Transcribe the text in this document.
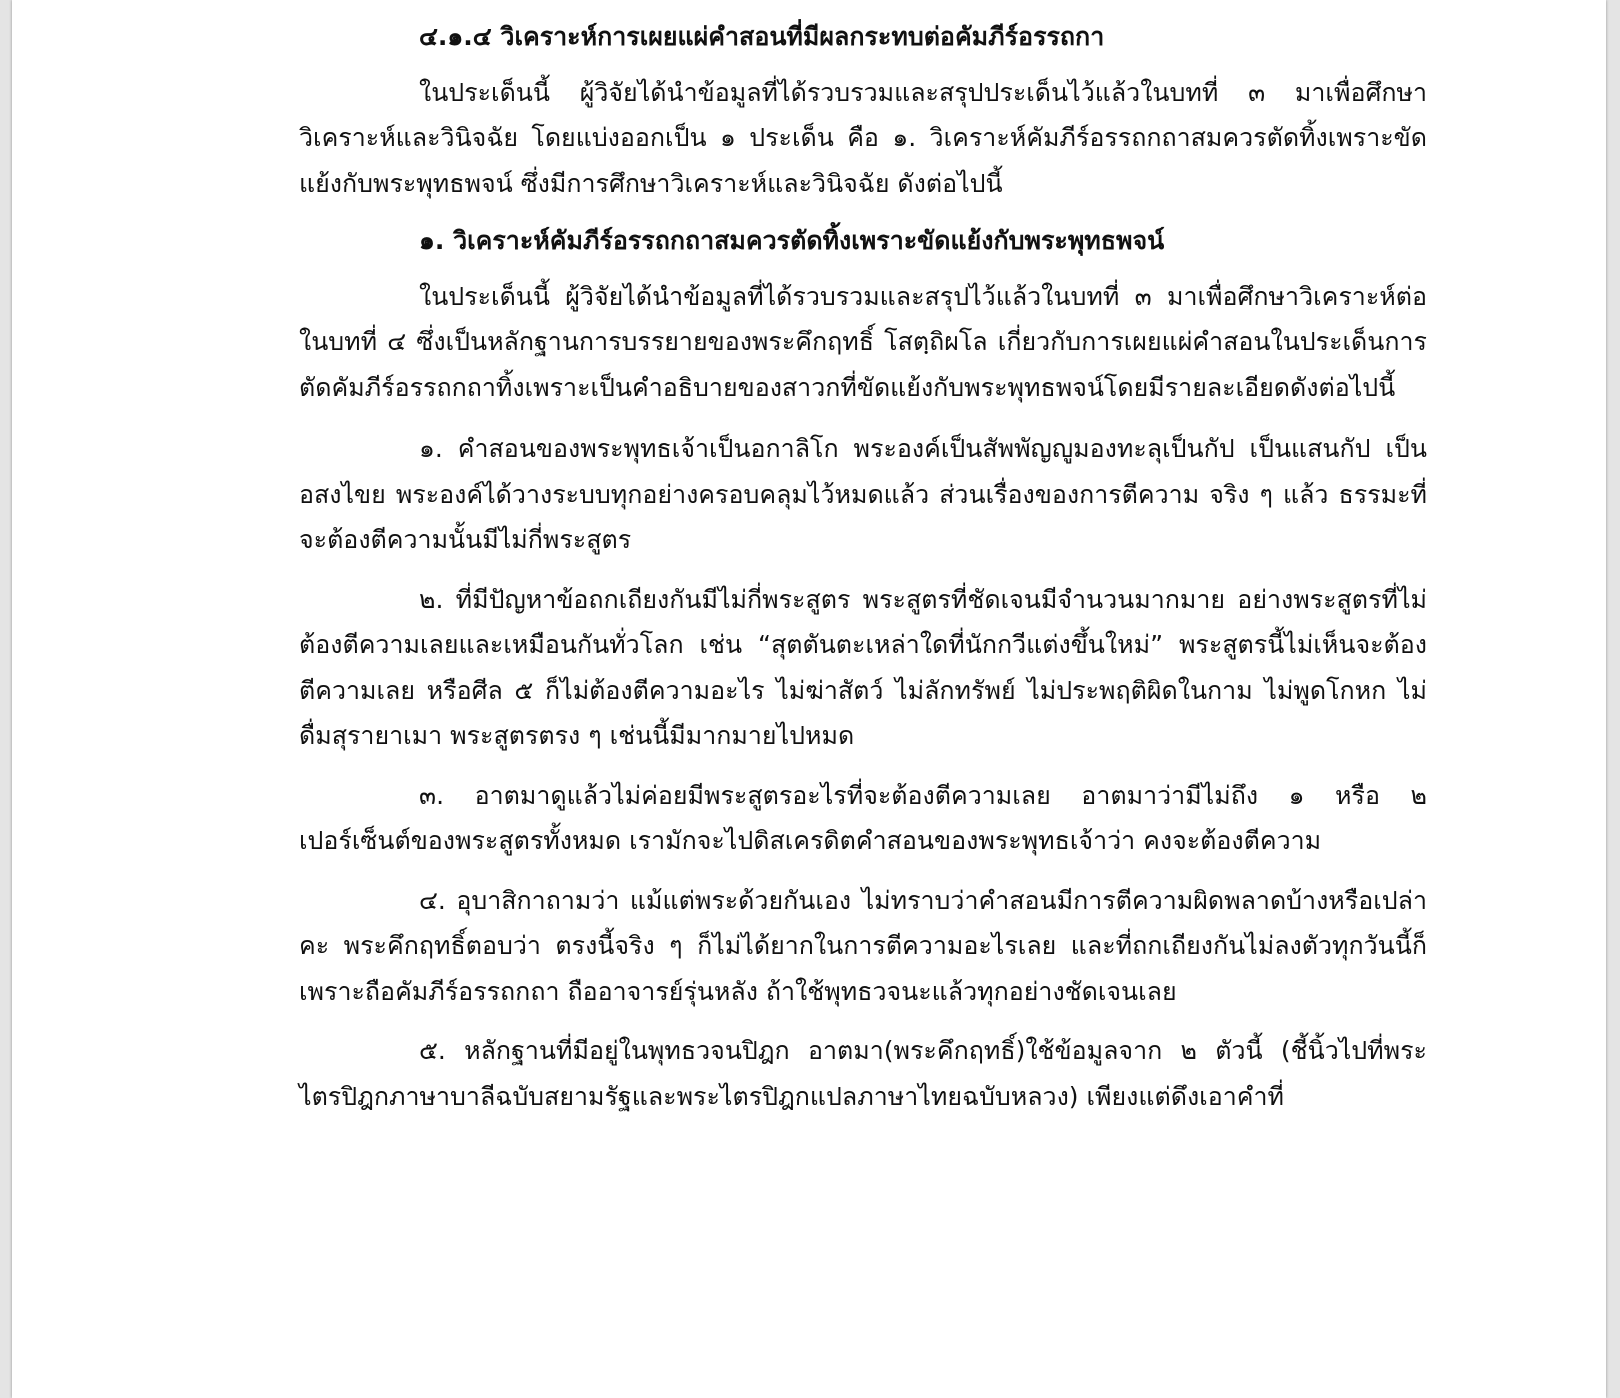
๔.๑.๔ วิเคราะห์การเผยแผ่คำสอนที่มีผลกระทบต่อคัมภีร์อรรถกา

ในประเด็นนี้ ผู้วิจัยได้นำข้อมูลที่ได้รวบรวมและสรุปประเด็นไว้แล้วในบทที่ ๓ มาเพื่อศึกษาวิเคราะห์และวินิจฉัย โดยแบ่งออกเป็น ๑ ประเด็น คือ ๑. วิเคราะห์คัมภีร์อรรถกถาสมควรตัดทิ้งเพราะขัดแย้งกับพระพุทธพจน์ ซึ่งมีการศึกษาวิเคราะห์และวินิจฉัย ดังต่อไปนี้

๑. วิเคราะห์คัมภีร์อรรถกถาสมควรตัดทิ้งเพราะขัดแย้งกับพระพุทธพจน์

ในประเด็นนี้ ผู้วิจัยได้นำข้อมูลที่ได้รวบรวมและสรุปไว้แล้วในบทที่ ๓ มาเพื่อศึกษาวิเคราะห์ต่อในบทที่ ๔ ซึ่งเป็นหลักฐานการบรรยายของพระคึกฤทธิ์ โสตฺถิผโล เกี่ยวกับการเผยแผ่คำสอนในประเด็นการตัดคัมภีร์อรรถกถาทิ้งเพราะเป็นคำอธิบายของสาวกที่ขัดแย้งกับพระพุทธพจน์โดยมีรายละเอียดดังต่อไปนี้

๑. คำสอนของพระพุทธเจ้าเป็นอกาลิโก พระองค์เป็นสัพพัญญูมองทะลุเป็นกัป เป็นแสนกัป เป็นอสงไขย พระองค์ได้วางระบบทุกอย่างครอบคลุมไว้หมดแล้ว ส่วนเรื่องของการตีความ จริง ๆ แล้ว ธรรมะที่จะต้องตีความนั้นมีไม่กี่พระสูตร

๒. ที่มีปัญหาข้อถกเถียงกันมีไม่กี่พระสูตร พระสูตรที่ชัดเจนมีจำนวนมากมาย อย่างพระสูตรที่ไม่ต้องตีความเลยและเหมือนกันทั่วโลก เช่น “สุตตันตะเหล่าใดที่นักกวีแต่งขึ้นใหม่” พระสูตรนี้ไม่เห็นจะต้องตีความเลย หรือศีล ๕ ก็ไม่ต้องตีความอะไร ไม่ฆ่าสัตว์ ไม่ลักทรัพย์ ไม่ประพฤติผิดในกาม ไม่พูดโกหก ไม่ดื่มสุรายาเมา พระสูตรตรง ๆ เช่นนี้มีมากมายไปหมด

๓. อาตมาดูแล้วไม่ค่อยมีพระสูตรอะไรที่จะต้องตีความเลย อาตมาว่ามีไม่ถึง ๑ หรือ ๒ เปอร์เซ็นต์ของพระสูตรทั้งหมด เรามักจะไปดิสเครดิตคำสอนของพระพุทธเจ้าว่า คงจะต้องตีความ

๔. อุบาสิกาถามว่า แม้แต่พระด้วยกันเอง ไม่ทราบว่าคำสอนมีการตีความผิดพลาดบ้างหรือเปล่าคะ พระคึกฤทธิ์ตอบว่า ตรงนี้จริง ๆ ก็ไม่ได้ยากในการตีความอะไรเลย และที่ถกเถียงกันไม่ลงตัวทุกวันนี้ก็เพราะถือคัมภีร์อรรถกถา ถืออาจารย์รุ่นหลัง ถ้าใช้พุทธวจนะแล้วทุกอย่างชัดเจนเลย

๕. หลักฐานที่มีอยู่ในพุทธวจนปิฎก อาตมา(พระคึกฤทธิ์)ใช้ข้อมูลจาก ๒ ตัวนี้ (ชี้นิ้วไปที่พระไตรปิฎกภาษาบาลีฉบับสยามรัฐและพระไตรปิฎกแปลภาษาไทยฉบับหลวง) เพียงแต่ดึงเอาคำที่
